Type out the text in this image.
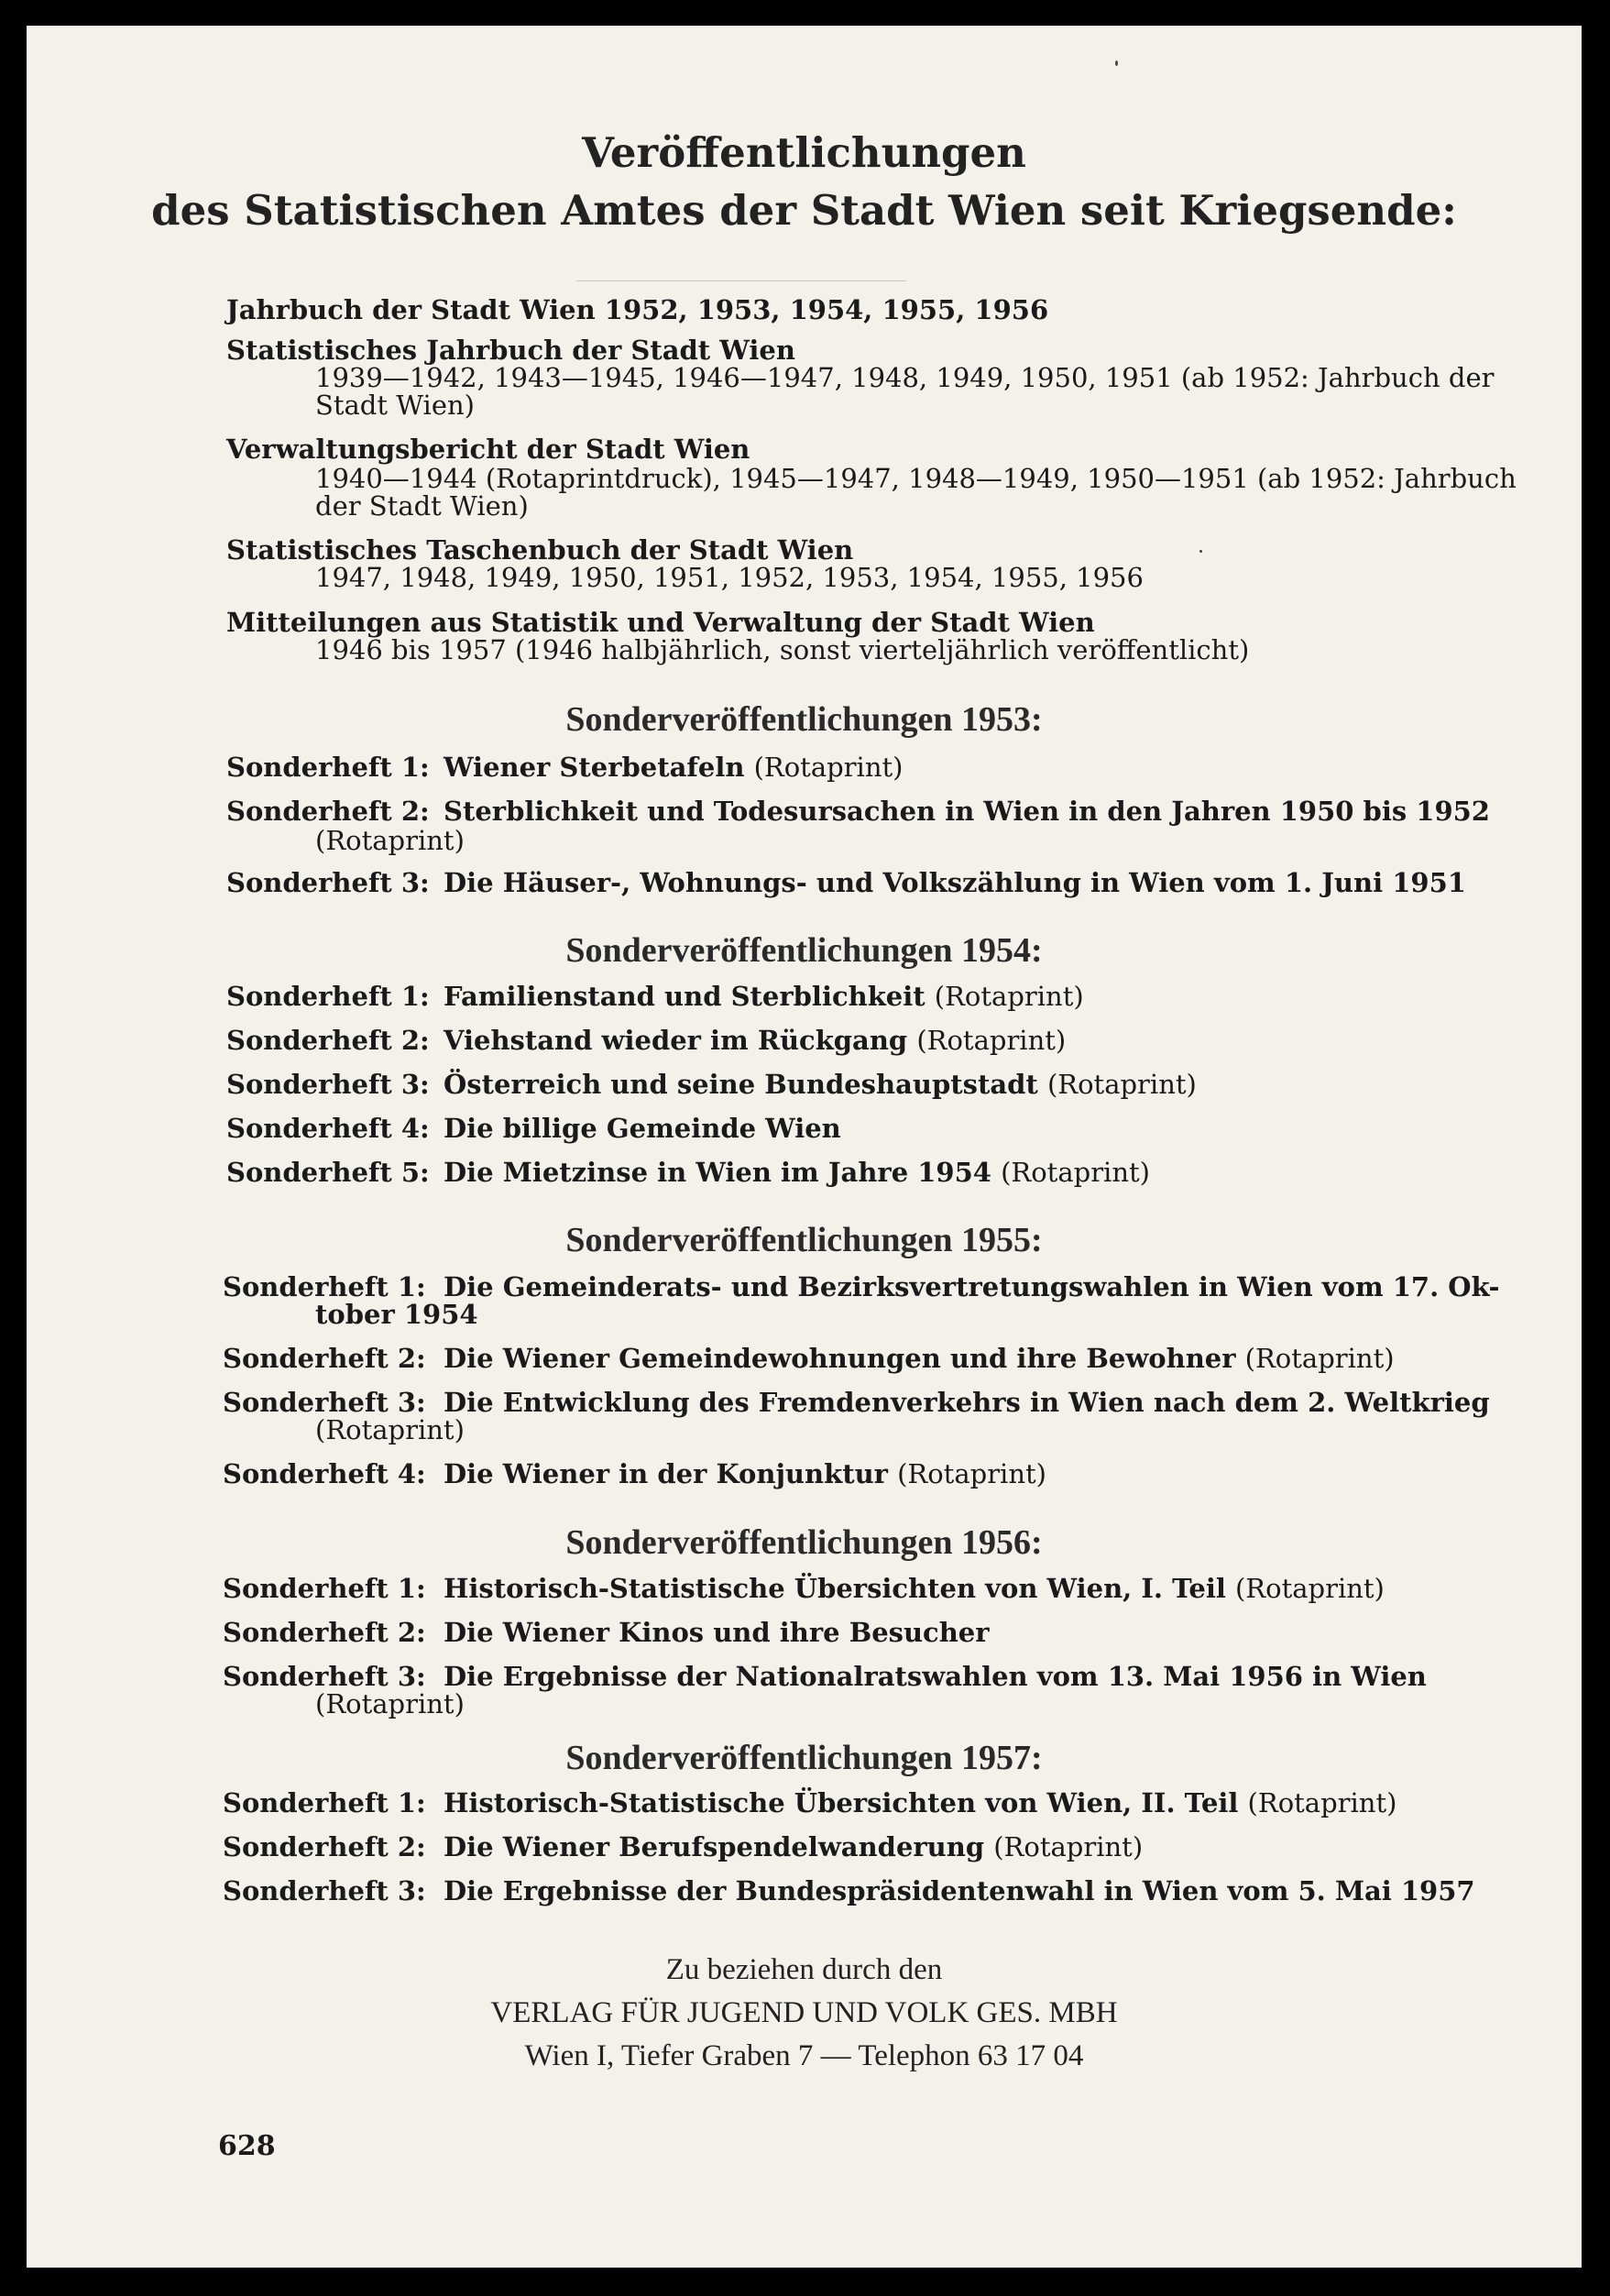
Veröffentlichungen
des Statistischen Amtes der Stadt Wien seit Kriegsende:
Jahrbuch der Stadt Wien 1952, 1953, 1954, 1955, 1956
Statistisches Jahrbuch der Stadt Wien
1939—1942, 1943—1945, 1946—1947, 1948, 1949, 1950, 1951 (ab 1952: Jahrbuch der
Stadt Wien)
Verwaltungsbericht der Stadt Wien
1940—1944 (Rotaprintdruck), 1945—1947, 1948—1949, 1950—1951 (ab 1952: Jahrbuch
der Stadt Wien)
Statistisches Taschenbuch der Stadt Wien
1947, 1948, 1949, 1950, 1951, 1952, 1953, 1954, 1955, 1956
Mitteilungen aus Statistik und Verwaltung der Stadt Wien
1946 bis 1957 (1946 halbjährlich, sonst vierteljährlich veröffentlicht)
Sonderveröffentlichungen 1953:
Sonderheft 1: Wiener Sterbetafeln (Rotaprint)
Sonderheft 2: Sterblichkeit und Todesursachen in Wien in den Jahren 1950 bis 1952
(Rotaprint)
Sonderheft 3: Die Häuser-, Wohnungs- und Volkszählung in Wien vom 1. Juni 1951
Sonderveröffentlichungen 1954:
Sonderheft 1: Familienstand und Sterblichkeit (Rotaprint)
Sonderheft 2: Viehstand wieder im Rückgang (Rotaprint)
Sonderheft 3: Österreich und seine Bundeshauptstadt (Rotaprint)
Sonderheft 4: Die billige Gemeinde Wien
Sonderheft 5: Die Mietzinse in Wien im Jahre 1954 (Rotaprint)
Sonderveröffentlichungen 1955:
Sonderheft 1: Die Gemeinderats- und Bezirksvertretungswahlen in Wien vom 17. Ok-
tober 1954
Sonderheft 2: Die Wiener Gemeindewohnungen und ihre Bewohner (Rotaprint)
Sonderheft 3: Die Entwicklung des Fremdenverkehrs in Wien nach dem 2. Weltkrieg
(Rotaprint)
Sonderheft 4: Die Wiener in der Konjunktur (Rotaprint)
Sonderveröffentlichungen 1956:
Sonderheft 1: Historisch-Statistische Übersichten von Wien, I. Teil (Rotaprint)
Sonderheft 2: Die Wiener Kinos und ihre Besucher
Sonderheft 3: Die Ergebnisse der Nationalratswahlen vom 13. Mai 1956 in Wien
(Rotaprint)
Sonderveröffentlichungen 1957:
Sonderheft 1: Historisch-Statistische Übersichten von Wien, II. Teil (Rotaprint)
Sonderheft 2: Die Wiener Berufspendelwanderung (Rotaprint)
Sonderheft 3: Die Ergebnisse der Bundespräsidentenwahl in Wien vom 5. Mai 1957
Zu beziehen durch den
VERLAG FÜR JUGEND UND VOLK GES. MBH
Wien I, Tiefer Graben 7 — Telephon 63 17 04
628
